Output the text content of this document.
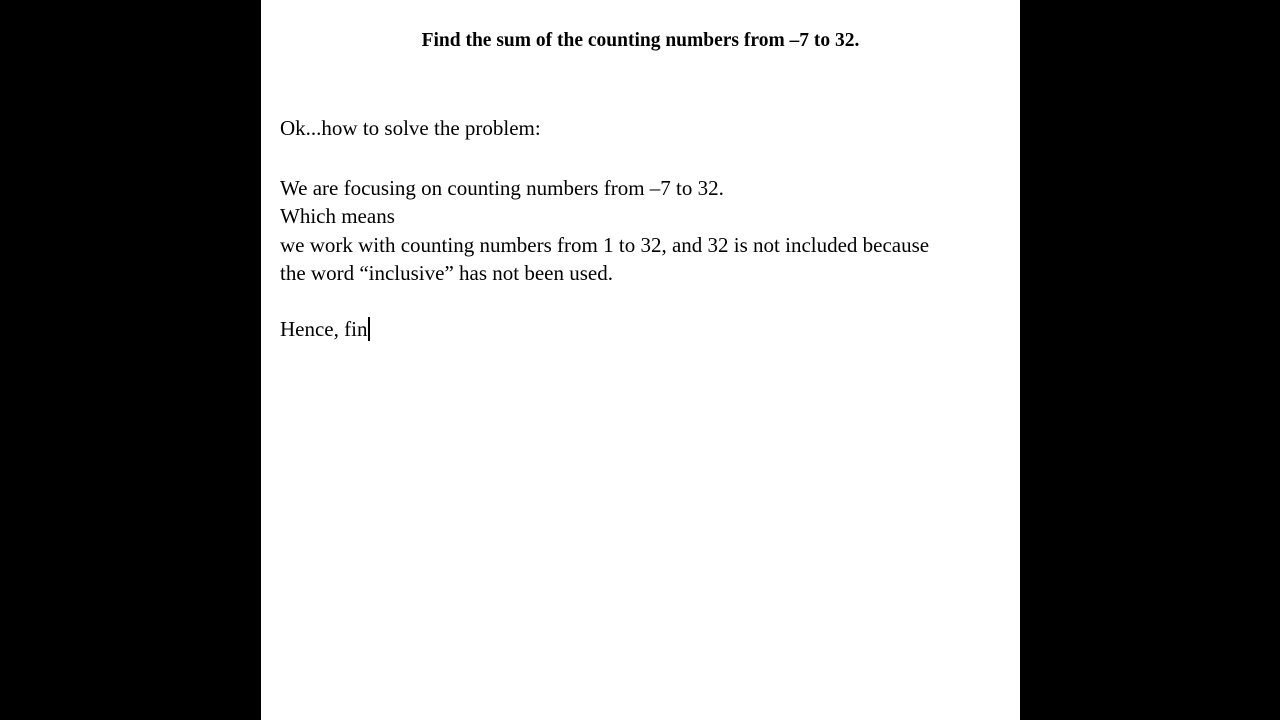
Find the sum of the counting numbers from –7 to 32.
Ok...how to solve the problem:
We are focusing on counting numbers from –7 to 32.
Which means
we work with counting numbers from 1 to 32, and 32 is not included because
the word “inclusive” has not been used.
Hence, fin
